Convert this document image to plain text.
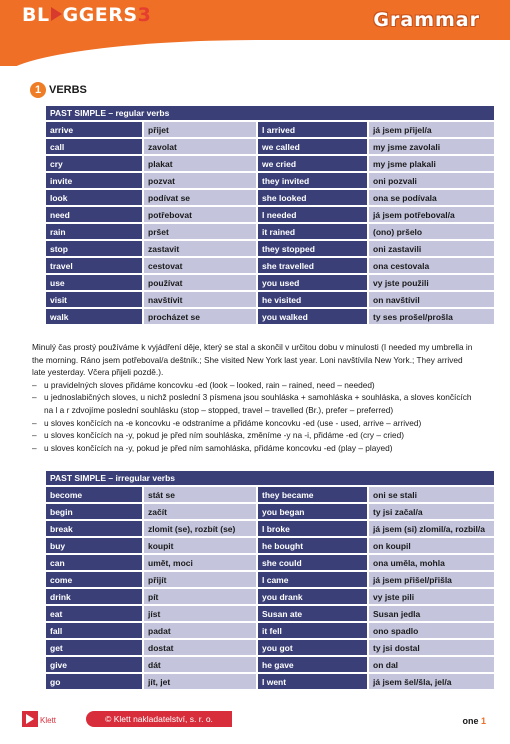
BL GGERS3	Grammar
1 VERBS
PAST SIMPLE – regular verbs			
arrive	přijet	I arrived	já jsem přijel/a
call	zavolat	we called	my jsme zavolali
cry	plakat	we cried	my jsme plakali
invite	pozvat	they invited	oni pozvali
look	podívat se	she looked	ona se podívala
need	potřebovat	I needed	já jsem potřeboval/a
rain	pršet	it rained	(ono) pršelo
stop	zastavit	they stopped	oni zastavili
travel	cestovat	she travelled	ona cestovala
use	používat	you used	vy jste použili
visit	navštívit	he visited	on navštívil
walk	procházet se	you walked	ty ses prošel/prošla

Minulý čas prostý používáme k vyjádření děje, který se stal a skončil v určitou dobu v minulosti (I needed my umbrella in the morning. Ráno jsem potřeboval/a deštník.; She visited New York last year. Loni navštívila New York.; They arrived late yesterday. Včera přijeli pozdě.).

– u pravidelných sloves přidáme koncovku -ed (look – looked, rain – rained, need – needed)
– u jednoslabičných sloves, u nichž poslední 3 písmena jsou souhláska + samohláska + souhláska, a sloves končících na l a r zdvojíme poslední souhlásku (stop – stopped, travel – travelled (Br.), prefer – preferred)
– u sloves končících na -e koncovku -e odstraníme a přidáme koncovku -ed (use - used, arrive – arrived)
– u sloves končících na -y, pokud je před ním souhláska, změníme -y na -i, přidáme -ed (cry – cried)
– u sloves končících na -y, pokud je před ním samohláska, přidáme koncovku -ed (play – played)
PAST SIMPLE – irregular verbs			
become	stát se	they became	oni se stali
begin	začít	you began	ty jsi začal/a
break	zlomit (se), rozbít (se)	I broke	já jsem (si) zlomil/a, rozbil/a
buy	koupit	he bought	on koupil
can	umět, moci	she could	ona uměla, mohla
come	přijít	I came	já jsem přišel/přišla
drink	pít	you drank	vy jste pili
eat	jíst	Susan ate	Susan jedla
fall	padat	it fell	ono spadlo
get	dostat	you got	ty jsi dostal
give	dát	he gave	on dal
go	jít, jet	I went	já jsem šel/šla, jel/a
Klett	© Klett nakladatelství, s. r. o.	one 1
